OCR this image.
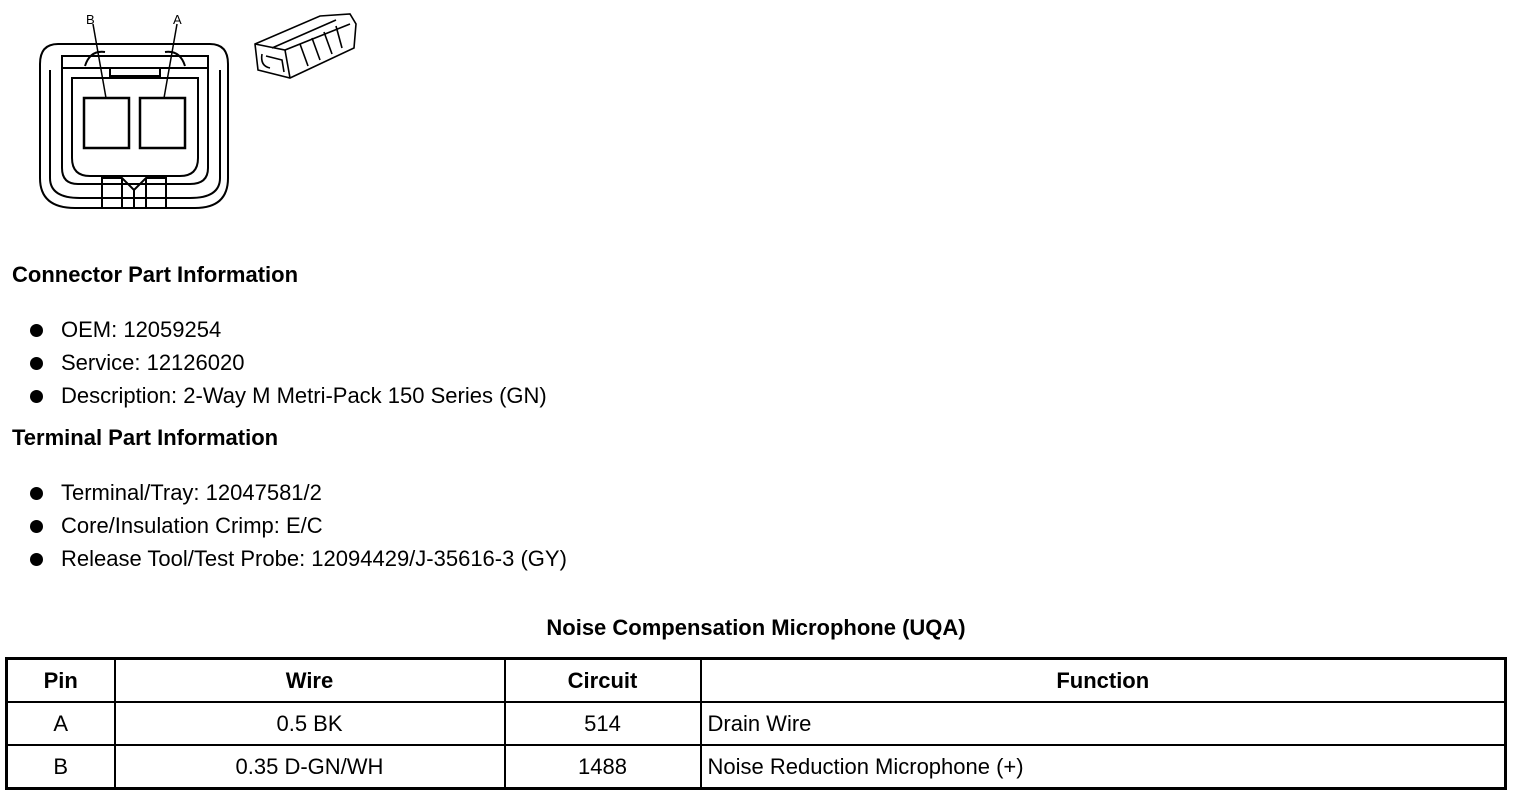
B	A
Connector Part Information
OEM: 12059254
Service: 12126020
Description: 2-Way M Metri-Pack 150 Series (GN)
Terminal Part Information
Terminal/Tray: 12047581/2
Core/Insulation Crimp: E/C
Release Tool/Test Probe: 12094429/J-35616-3 (GY)
Noise Compensation Microphone (UQA)
Pin	Wire	Circuit	Function
A	0.5 BK	514	Drain Wire
B	0.35 D-GN/WH	1488	Noise Reduction Microphone (+)
